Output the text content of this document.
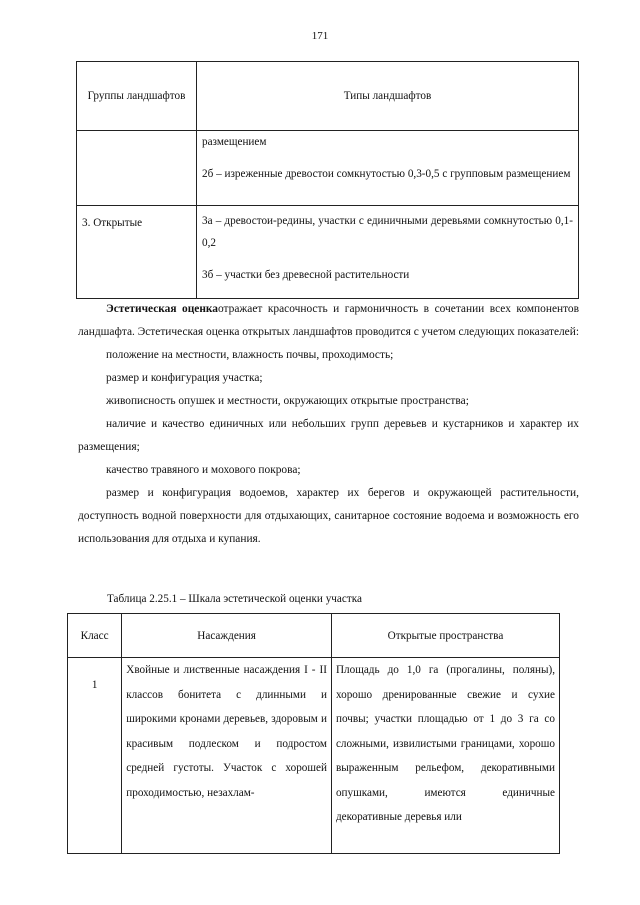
171
Группы ландшафтов	Типы ландшафтов

	размещением

2б – изреженные древостои сомкнутостью 0,3-0,5 с групповым размещением

3. Открытые	3а – древостои-редины, участки с единичными деревьями сомкнутостью 0,1-0,2

3б – участки без древесной растительности

Эстетическая оценкаотражает красочность и гармоничность в сочетании всех компонентов ландшафта. Эстетическая оценка открытых ландшафтов проводится с учетом следующих показателей:

положение на местности, влажность почвы, проходимость;

размер и конфигурация участка;

живописность опушек и местности, окружающих открытые пространства;

наличие и качество единичных или небольших групп деревьев и кустарников и характер их размещения;

качество травяного и мохового покрова;

размер и конфигурация водоемов, характер их берегов и окружающей растительности, доступность водной поверхности для отдыхающих, санитарное состояние водоема и возможность его использования для отдыха и купания.

Таблица 2.25.1 – Шкала эстетической оценки участка
Класс	Насаждения	Открытые пространства
1	Хвойные и лиственные насаждения I - II классов бонитета с длинными и широкими кронами деревьев, здоровым и красивым подлеском и подростом средней густоты. Участок с хорошей проходимостью, незахлам-	Площадь до 1,0 га (прогалины, поляны), хорошо дренированные свежие и сухие почвы; участки площадью от 1 до 3 га со сложными, извилистыми границами, хорошо выраженным рельефом, декоративными опушками, имеются единичные декоративные деревья или
